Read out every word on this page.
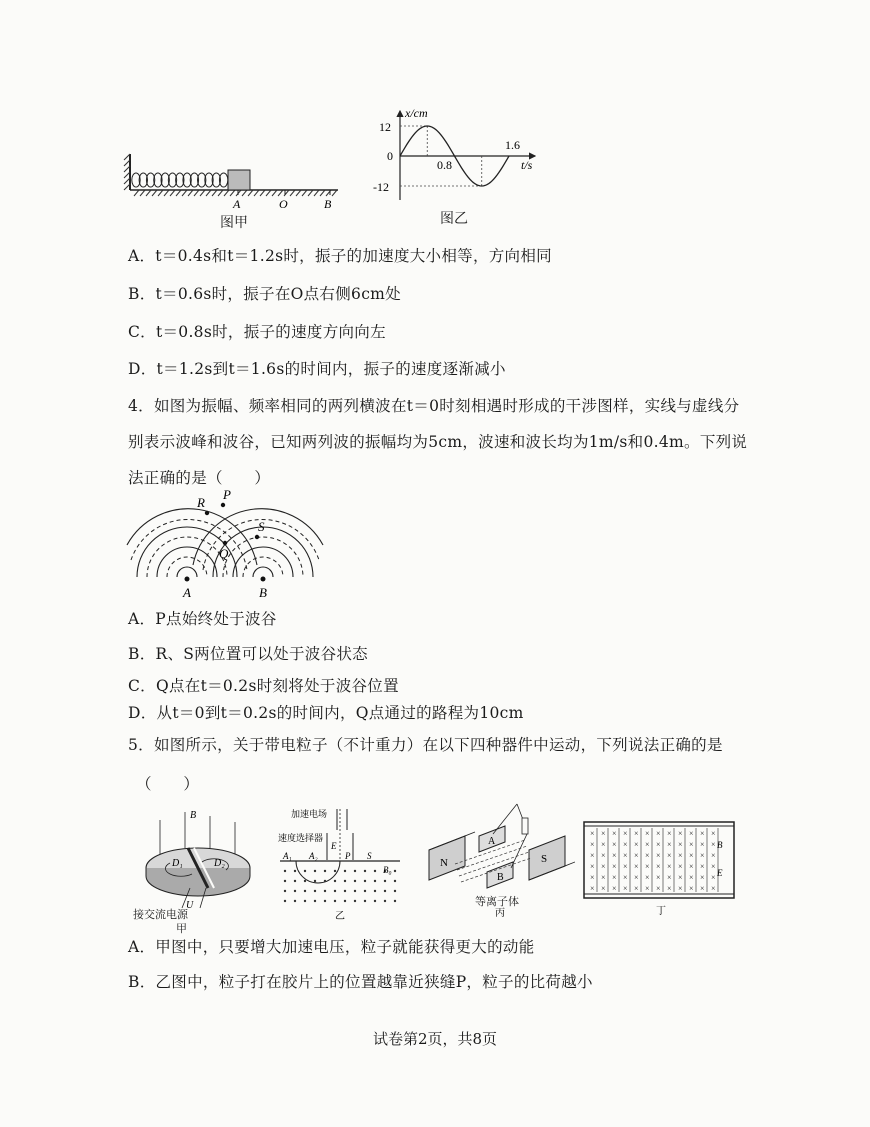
A	O	B
图甲
x/cm
t/s
12
0
-12
0.8
1.6
图乙
A．t＝0.4s和t＝1.2s时，振子的加速度大小相等，方向相同
B．t＝0.6s时，振子在O点右侧6cm处
C．t＝0.8s时，振子的速度方向向左
D．t＝1.2s到t＝1.6s的时间内，振子的速度逐渐减小
4．如图为振幅、频率相同的两列横波在t＝0时刻相遇时形成的干涉图样，实线与虚线分
别表示波峰和波谷，已知两列波的振幅均为5cm，波速和波长均为1m/s和0.4m。下列说
法正确的是（　　）
P
R
S
Q
A	B
A．P点始终处于波谷
B．R、S两位置可以处于波谷状态
C．Q点在t＝0.2s时刻将处于波谷位置
D．从t＝0到t＝0.2s的时间内，Q点通过的路程为10cm
5．如图所示，关于带电粒子（不计重力）在以下四种器件中运动，下列说法正确的是
（　　）
B
D₁	D₂
U
接交流电源
甲
加速电场
速度选择器
E
P S
A₁ A₂
B₀
乙
N	S
A
B
丙
等离子体
×
×
×
×
×
×
×
×
×
×
×
×
×
×
×
×
×
×
×
×
×
×
×
×
×
×
×
×
×
×
×
×
×
×
×
×
×
×
×
×
×
×
×
×
×
×
×
×
×
×
×
×
×
×
×
×
×
×
×
×
×
×
×
×
×
×
×
×
×
×
×
×
B
E
丁
A．甲图中，只要增大加速电压，粒子就能获得更大的动能
B．乙图中，粒子打在胶片上的位置越靠近狭缝P，粒子的比荷越小
试卷第2页，共8页
